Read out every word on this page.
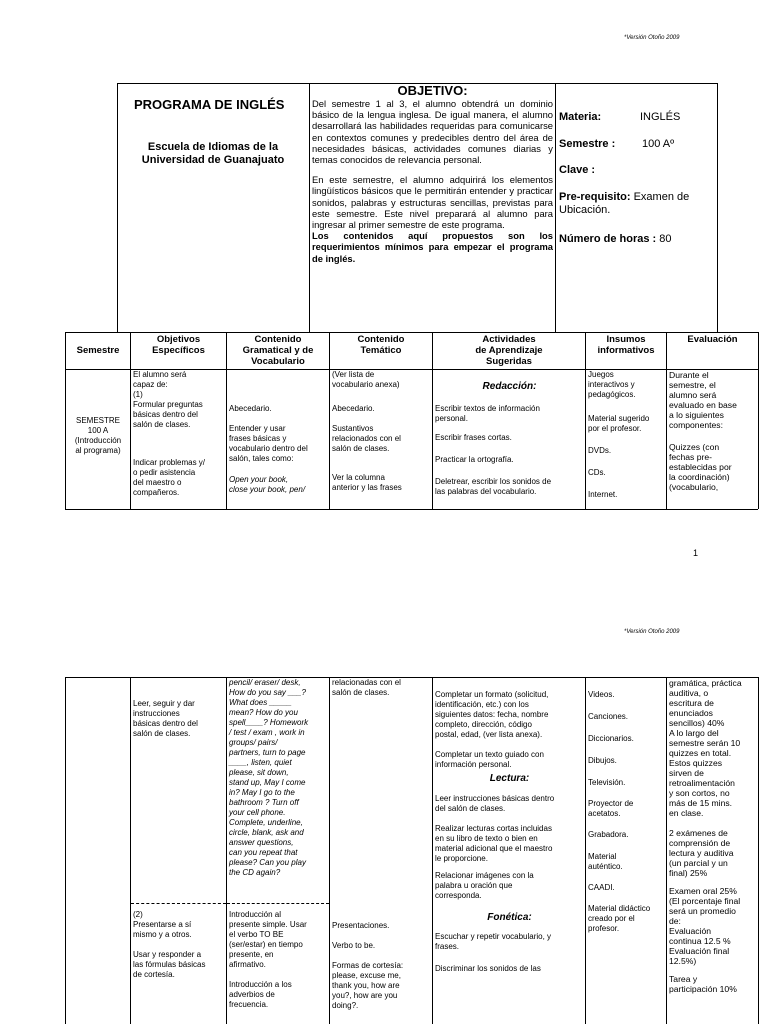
*Versión Otoño 2009
PROGRAMA DE INGLÉS
Escuela de Idiomas de la
Universidad de Guanajuato
OBJETIVO:
Del semestre 1 al 3, el alumno obtendrá un dominio básico de la lengua inglesa. De igual manera, el alumno desarrollará las habilidades requeridas para comunicarse en contextos comunes y predecibles dentro del área de necesidades básicas, actividades comunes diarias y temas conocidos de relevancia personal.
En este semestre, el alumno adquirirá los elementos lingüísticos básicos que le permitirán entender y practicar sonidos, palabras y estructuras sencillas, previstas para este semestre. Este nivel preparará al alumno para ingresar al primer semestre de este programa.
Los contenidos aquí propuestos son los requerimientos mínimos para empezar el programa de inglés.
Materia:	INGLÉS
Semestre : 100 Aº
Clave :
Pre-requisito: Examen de Ubicación.
Número de horas : 80
Semestre
Objetivos
Específicos
Contenido
Gramatical y de
Vocabulario
Contenido
Temático
Actividades
de Aprendizaje
Sugeridas
Insumos
informativos
Evaluación

SEMESTRE

100 A

(Introducción

al programa)

El alumno será

capaz de:

(1)

Formular preguntas

básicas dentro del

salón de clases.

Indicar problemas y/

o pedir asistencia

del maestro o

compañeros.

Abecedario.

Entender y usar

frases básicas y

vocabulario dentro del

salón, tales como:

Open your book,

close your book, pen/

(Ver lista de

vocabulario anexa)

Abecedario.

Sustantivos

relacionados con el

salón de clases.

Ver la columna

anterior y las frases

Redacción:

Escribir textos de información

personal.

Escribir frases cortas.

Practicar la ortografía.

Deletrear, escribir los sonidos de

las palabras del vocabulario.

Juegos

interactivos y

pedagógicos.

Material sugerido

por el profesor.

DVDs.

CDs.

Internet.

Durante el

semestre, el

alumno será

evaluado en base

a lo siguientes

componentes:

Quizzes (con

fechas pre-

establecidas por

la coordinación)

(vocabulario,

1
*Versión Otoño 2009

Leer, seguir y dar

instrucciones

básicas dentro del

salón de clases.

(2)

Presentarse a sí

mismo y a otros.

Usar y responder a

las fórmulas básicas

de cortesía.

pencil/ eraser/ desk,

How do you say ___?

What does _____

mean? How do you

spell____? Homework

/ test / exam , work in

groups/ pairs/

partners, turn to page

____, listen, quiet

please, sit down,

stand up, May I come

in? May I go to the

bathroom ? Turn off

your cell phone.

Complete, underline,

circle, blank, ask and

answer questions,

can you repeat that

please? Can you play

the CD again?

Introducción al

presente simple. Usar

el verbo TO BE

(ser/estar) en tiempo

presente, en

afirmativo.

Introducción a los

adverbios de

frecuencia.

relacionadas con el

salón de clases.

Presentaciones.

Verbo to be.

Formas de cortesía:

please, excuse me,

thank you, how are

you?, how are you

doing?.

Completar un formato (solicitud,

identificación, etc.) con los

siguientes datos: fecha, nombre

completo, dirección, código

postal, edad, (ver lista anexa).

Completar un texto guiado con

información personal.

Lectura:

Leer instrucciones básicas dentro

del salón de clases.

Realizar lecturas cortas incluidas

en su libro de texto o bien en

material adicional que el maestro

le proporcione.

Relacionar imágenes con la

palabra u oración que

corresponda.

Fonética:

Escuchar y repetir vocabulario, y

frases.

Discriminar los sonidos de las

Videos.

Canciones.

Diccionarios.

Dibujos.

Televisión.

Proyector de

acetatos.

Grabadora.

Material

auténtico.

CAADI.

Material didáctico

creado por el

profesor.

gramática, práctica

auditiva, o

escritura de

enunciados

sencillos) 40%

A lo largo del

semestre serán 10

quizzes en total.

Estos quizzes

sirven de

retroalimentación

y son cortos, no

más de 15 mins.

en clase.

2 exámenes de

comprensión de

lectura y auditiva

(un parcial y un

final) 25%

Examen oral 25%

(El porcentaje final

será un promedio

de:

Evaluación

continua 12.5 %

Evaluación final

12.5%)

Tarea y

participación 10%
